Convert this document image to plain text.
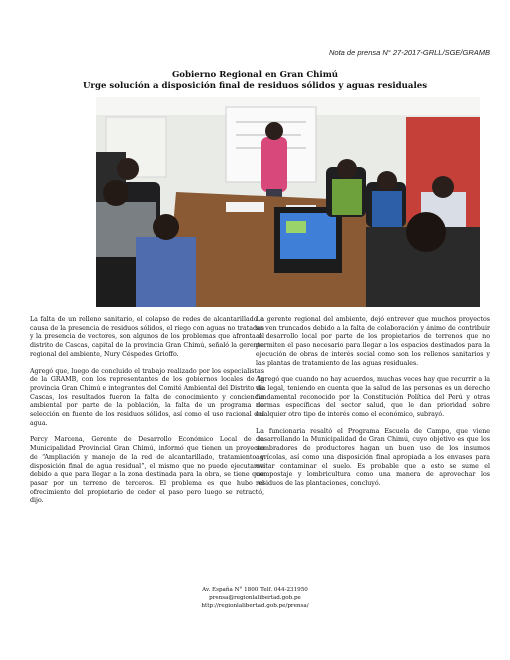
Nota de prensa N° 27-2017-GRLL/SGE/GRAMB
Gobierno Regional en Gran Chimú
Urge solución a disposición final de residuos sólidos y aguas residuales

La falta de un relleno sanitario, el colapso de redes de alcantarillado a causa de la presencia de residuos sólidos, el riego con aguas no tratadas y la presencia de vectores, son algunos de los problemas que afronta el distrito de Cascas, capital de la provincia Gran Chimú, señaló la gerente regional del ambiente, Nury Céspedes Grioffo.

Agregó que, luego de concluido el trabajo realizado por los especialistas de la GRAMB, con los representantes de los gobiernos locales de la provincia Gran Chimú e integrantes del Comité Ambiental del Distrito de Cascas, los resultados fueron la falta de conocimiento y conciencia ambiental por parte de la población, la falta de un programa de selección en fuente de los residuos sólidos, así como el uso racional del agua.

Percy Marcena, Gerente de Desarrollo Económico Local de la Municipalidad Provincial Gran Chimú, informó que tienen un proyecto de “Ampliación y manejo de la red de alcantarillado, tratamiento y disposición final de agua residual”, el mismo que no puede ejecutarse debido a que para llegar a la zona destinada para la obra, se tiene que pasar por un terreno de terceros. El problema es que hubo el ofrecimiento del propietario de ceder el paso pero luego se retractó, dijo.

La gerente regional del ambiente, dejó entrever que muchos proyectos se ven truncados debido a la falta de colaboración y ánimo de contribuir al desarrollo local por parte de los propietarios de terrenos que no permiten el paso necesario para llegar a los espacios destinados para la ejecución de obras de interés social como son los rellenos sanitarios y las plantas de tratamiento de las aguas residuales.

Agregó que cuando no hay acuerdos, muchas veces hay que recurrir a la vía legal, teniendo en cuenta que la salud de las personas es un derecho fundamental reconocido por la Constitución Política del Perú y otras normas específicas del sector salud, que le dan prioridad sobre cualquier otro tipo de interés como el económico, subrayó.

La funcionaria resaltó el Programa Escuela de Campo, que viene desarrollando la Municipalidad de Gran Chimú, cuyo objetivo es que los sembradores de productores hagan un buen uso de los insumos agrícolas, así como una disposición final apropiada a los envases para evitar contaminar el suelo. Es probable que a esto se sume el compostaje y lombricultura como una manera de aprovechar los residuos de las plantaciones, concluyó.

Av. España N° 1800 Telf. 044-231950
prensa@regionlalibertad.gob.pe
http://regionlalibertad.gob.pe/prensa/
